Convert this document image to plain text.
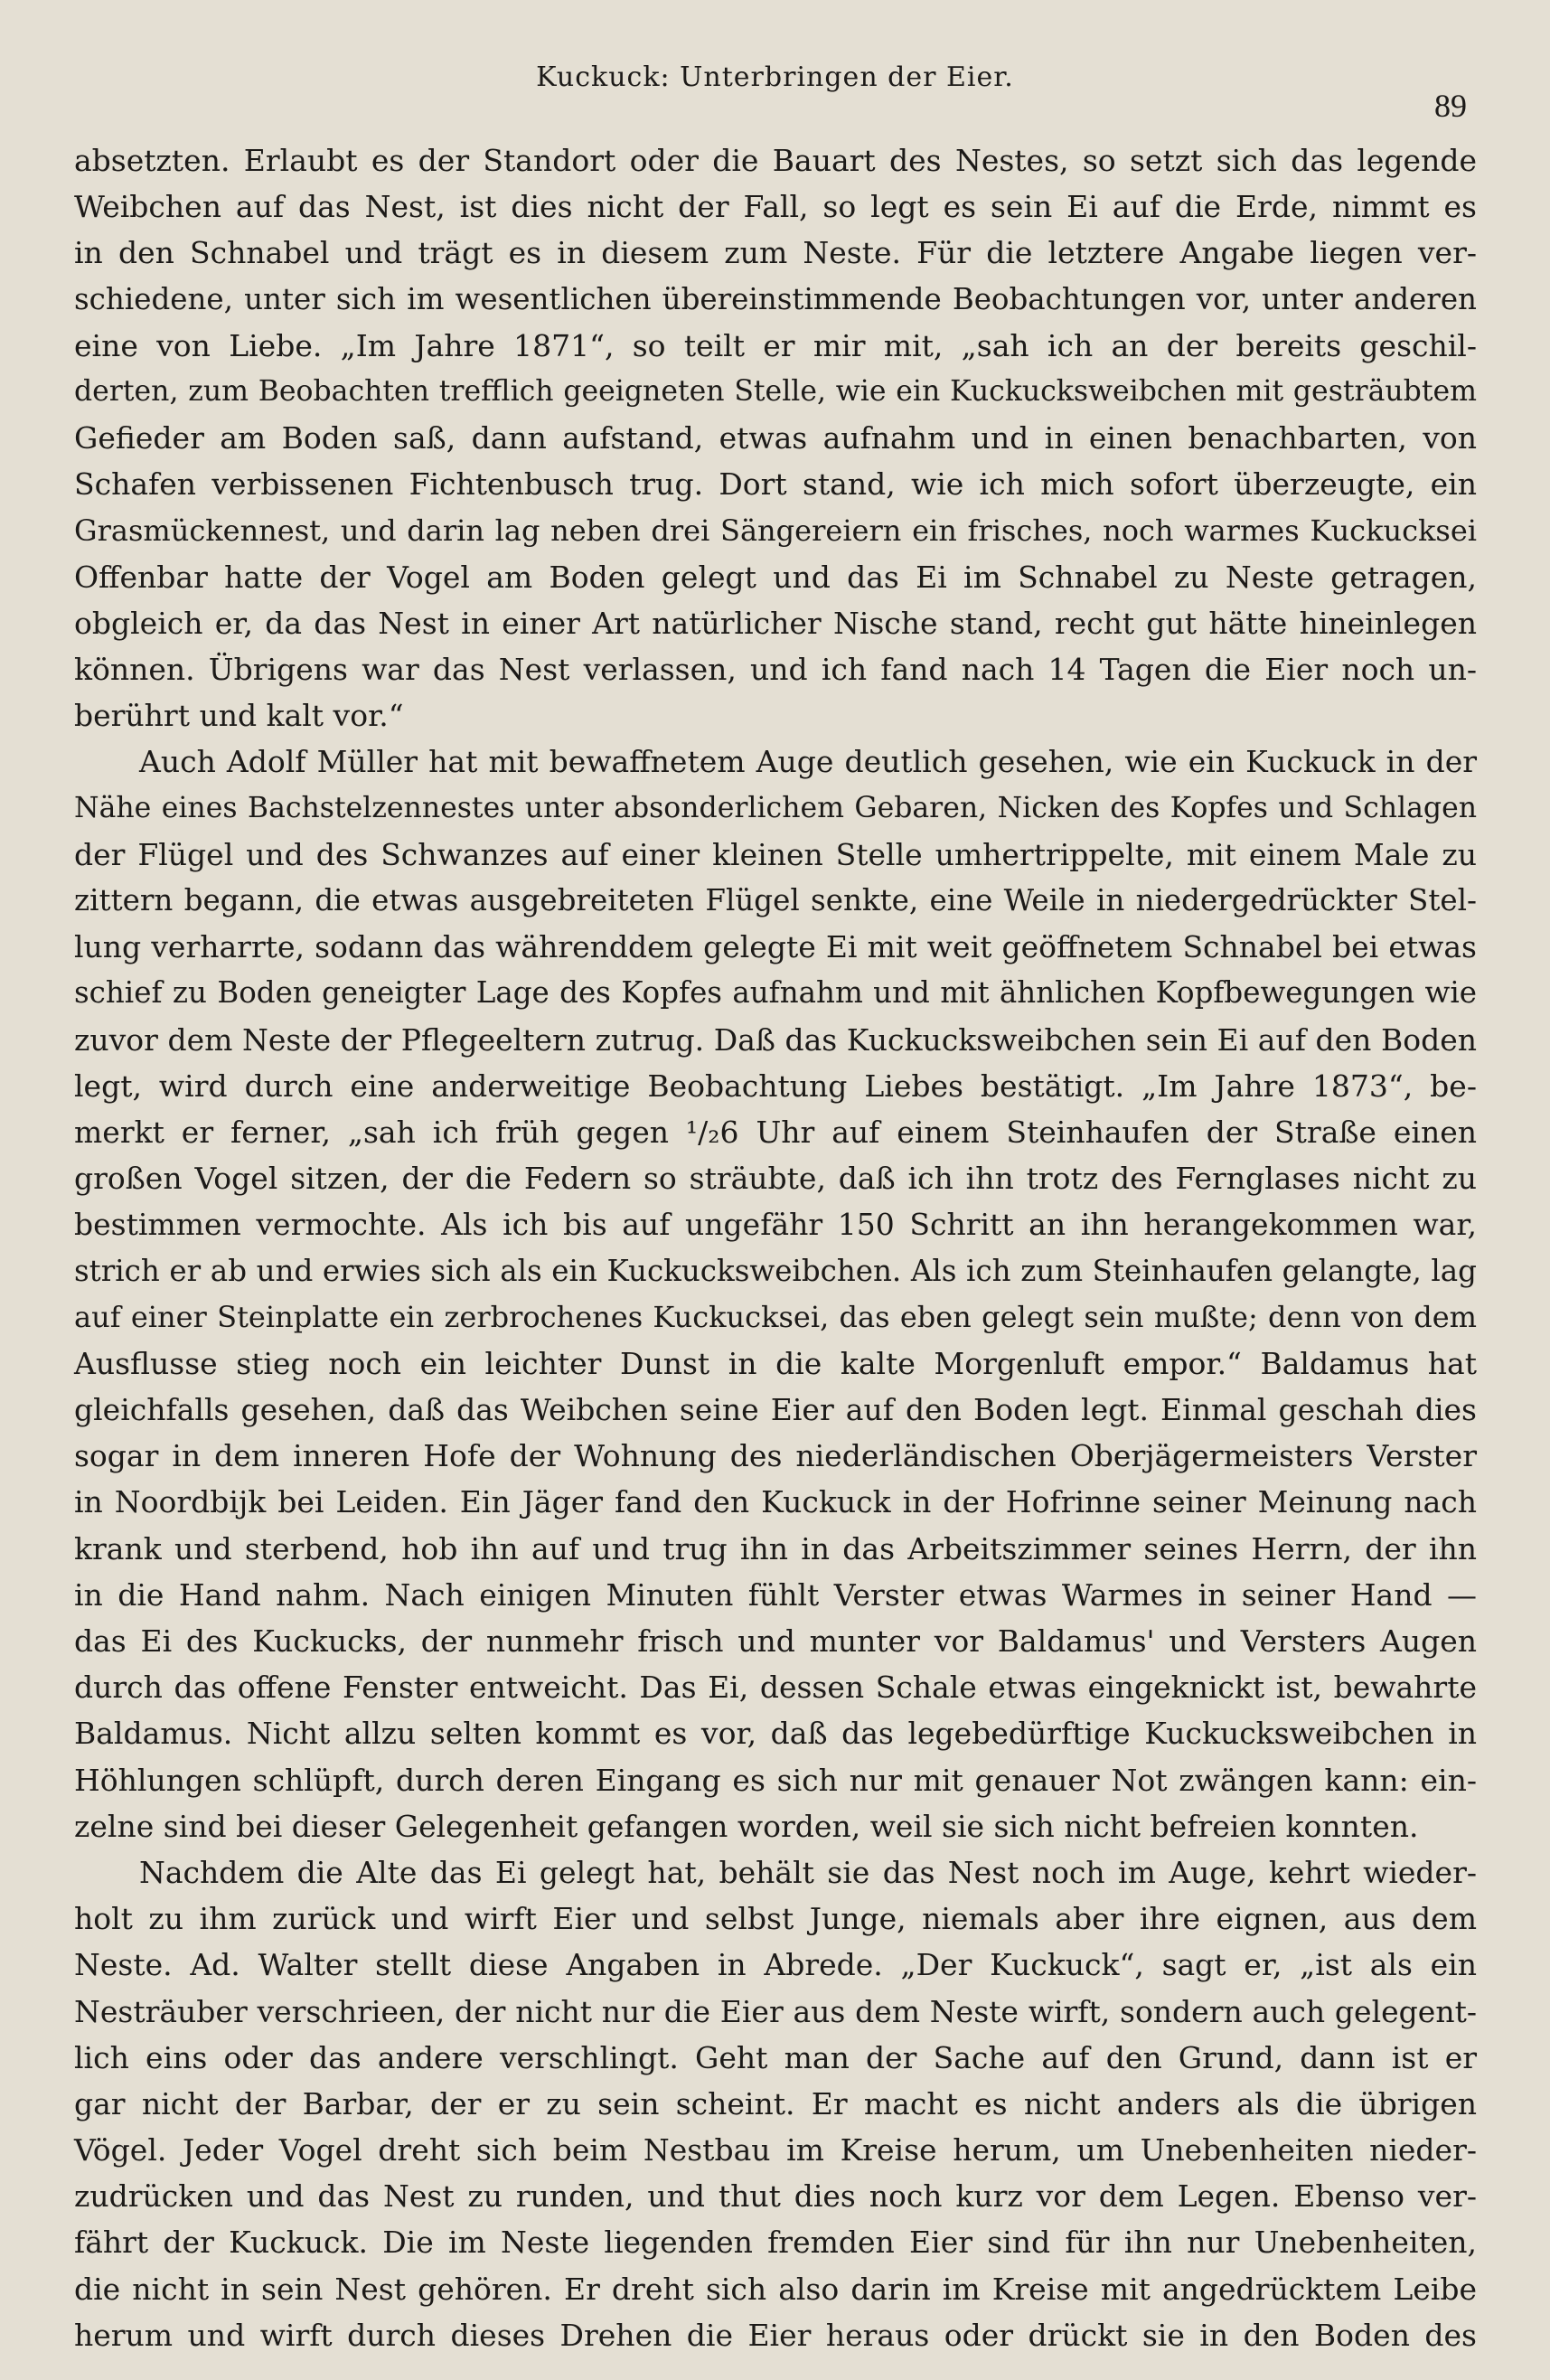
Kuckuck: Unterbringen der Eier.
89
absetzten. Erlaubt es der Standort oder die Bauart des Nestes, so setzt sich das legende
Weibchen auf das Nest, ist dies nicht der Fall, so legt es sein Ei auf die Erde, nimmt es
in den Schnabel und trägt es in diesem zum Neste. Für die letztere Angabe liegen ver-
schiedene, unter sich im wesentlichen übereinstimmende Beobachtungen vor, unter anderen
eine von Liebe. „Im Jahre 1871“, so teilt er mir mit, „sah ich an der bereits geschil-
derten, zum Beobachten trefflich geeigneten Stelle, wie ein Kuckucksweibchen mit gesträubtem
Gefieder am Boden saß, dann aufstand, etwas aufnahm und in einen benachbarten, von
Schafen verbissenen Fichtenbusch trug. Dort stand, wie ich mich sofort überzeugte, ein
Grasmückennest, und darin lag neben drei Sängereiern ein frisches, noch warmes Kuckucksei
Offenbar hatte der Vogel am Boden gelegt und das Ei im Schnabel zu Neste getragen,
obgleich er, da das Nest in einer Art natürlicher Nische stand, recht gut hätte hineinlegen
können. Übrigens war das Nest verlassen, und ich fand nach 14 Tagen die Eier noch un-
berührt und kalt vor.“
Auch Adolf Müller hat mit bewaffnetem Auge deutlich gesehen, wie ein Kuckuck in der
Nähe eines Bachstelzennestes unter absonderlichem Gebaren, Nicken des Kopfes und Schlagen
der Flügel und des Schwanzes auf einer kleinen Stelle umhertrippelte, mit einem Male zu
zittern begann, die etwas ausgebreiteten Flügel senkte, eine Weile in niedergedrückter Stel-
lung verharrte, sodann das währenddem gelegte Ei mit weit geöffnetem Schnabel bei etwas
schief zu Boden geneigter Lage des Kopfes aufnahm und mit ähnlichen Kopfbewegungen wie
zuvor dem Neste der Pflegeeltern zutrug. Daß das Kuckucksweibchen sein Ei auf den Boden
legt, wird durch eine anderweitige Beobachtung Liebes bestätigt. „Im Jahre 1873“, be-
merkt er ferner, „sah ich früh gegen ¹/₂6 Uhr auf einem Steinhaufen der Straße einen
großen Vogel sitzen, der die Federn so sträubte, daß ich ihn trotz des Fernglases nicht zu
bestimmen vermochte. Als ich bis auf ungefähr 150 Schritt an ihn herangekommen war,
strich er ab und erwies sich als ein Kuckucksweibchen. Als ich zum Steinhaufen gelangte, lag
auf einer Steinplatte ein zerbrochenes Kuckucksei, das eben gelegt sein mußte; denn von dem
Ausflusse stieg noch ein leichter Dunst in die kalte Morgenluft empor.“ Baldamus hat
gleichfalls gesehen, daß das Weibchen seine Eier auf den Boden legt. Einmal geschah dies
sogar in dem inneren Hofe der Wohnung des niederländischen Oberjägermeisters Verster
in Noordbijk bei Leiden. Ein Jäger fand den Kuckuck in der Hofrinne seiner Meinung nach
krank und sterbend, hob ihn auf und trug ihn in das Arbeitszimmer seines Herrn, der ihn
in die Hand nahm. Nach einigen Minuten fühlt Verster etwas Warmes in seiner Hand —
das Ei des Kuckucks, der nunmehr frisch und munter vor Baldamus' und Versters Augen
durch das offene Fenster entweicht. Das Ei, dessen Schale etwas eingeknickt ist, bewahrte
Baldamus. Nicht allzu selten kommt es vor, daß das legebedürftige Kuckucksweibchen in
Höhlungen schlüpft, durch deren Eingang es sich nur mit genauer Not zwängen kann: ein-
zelne sind bei dieser Gelegenheit gefangen worden, weil sie sich nicht befreien konnten.
Nachdem die Alte das Ei gelegt hat, behält sie das Nest noch im Auge, kehrt wieder-
holt zu ihm zurück und wirft Eier und selbst Junge, niemals aber ihre eignen, aus dem
Neste. Ad. Walter stellt diese Angaben in Abrede. „Der Kuckuck“, sagt er, „ist als ein
Nesträuber verschrieen, der nicht nur die Eier aus dem Neste wirft, sondern auch gelegent-
lich eins oder das andere verschlingt. Geht man der Sache auf den Grund, dann ist er
gar nicht der Barbar, der er zu sein scheint. Er macht es nicht anders als die übrigen
Vögel. Jeder Vogel dreht sich beim Nestbau im Kreise herum, um Unebenheiten nieder-
zudrücken und das Nest zu runden, und thut dies noch kurz vor dem Legen. Ebenso ver-
fährt der Kuckuck. Die im Neste liegenden fremden Eier sind für ihn nur Unebenheiten,
die nicht in sein Nest gehören. Er dreht sich also darin im Kreise mit angedrücktem Leibe
herum und wirft durch dieses Drehen die Eier heraus oder drückt sie in den Boden des
